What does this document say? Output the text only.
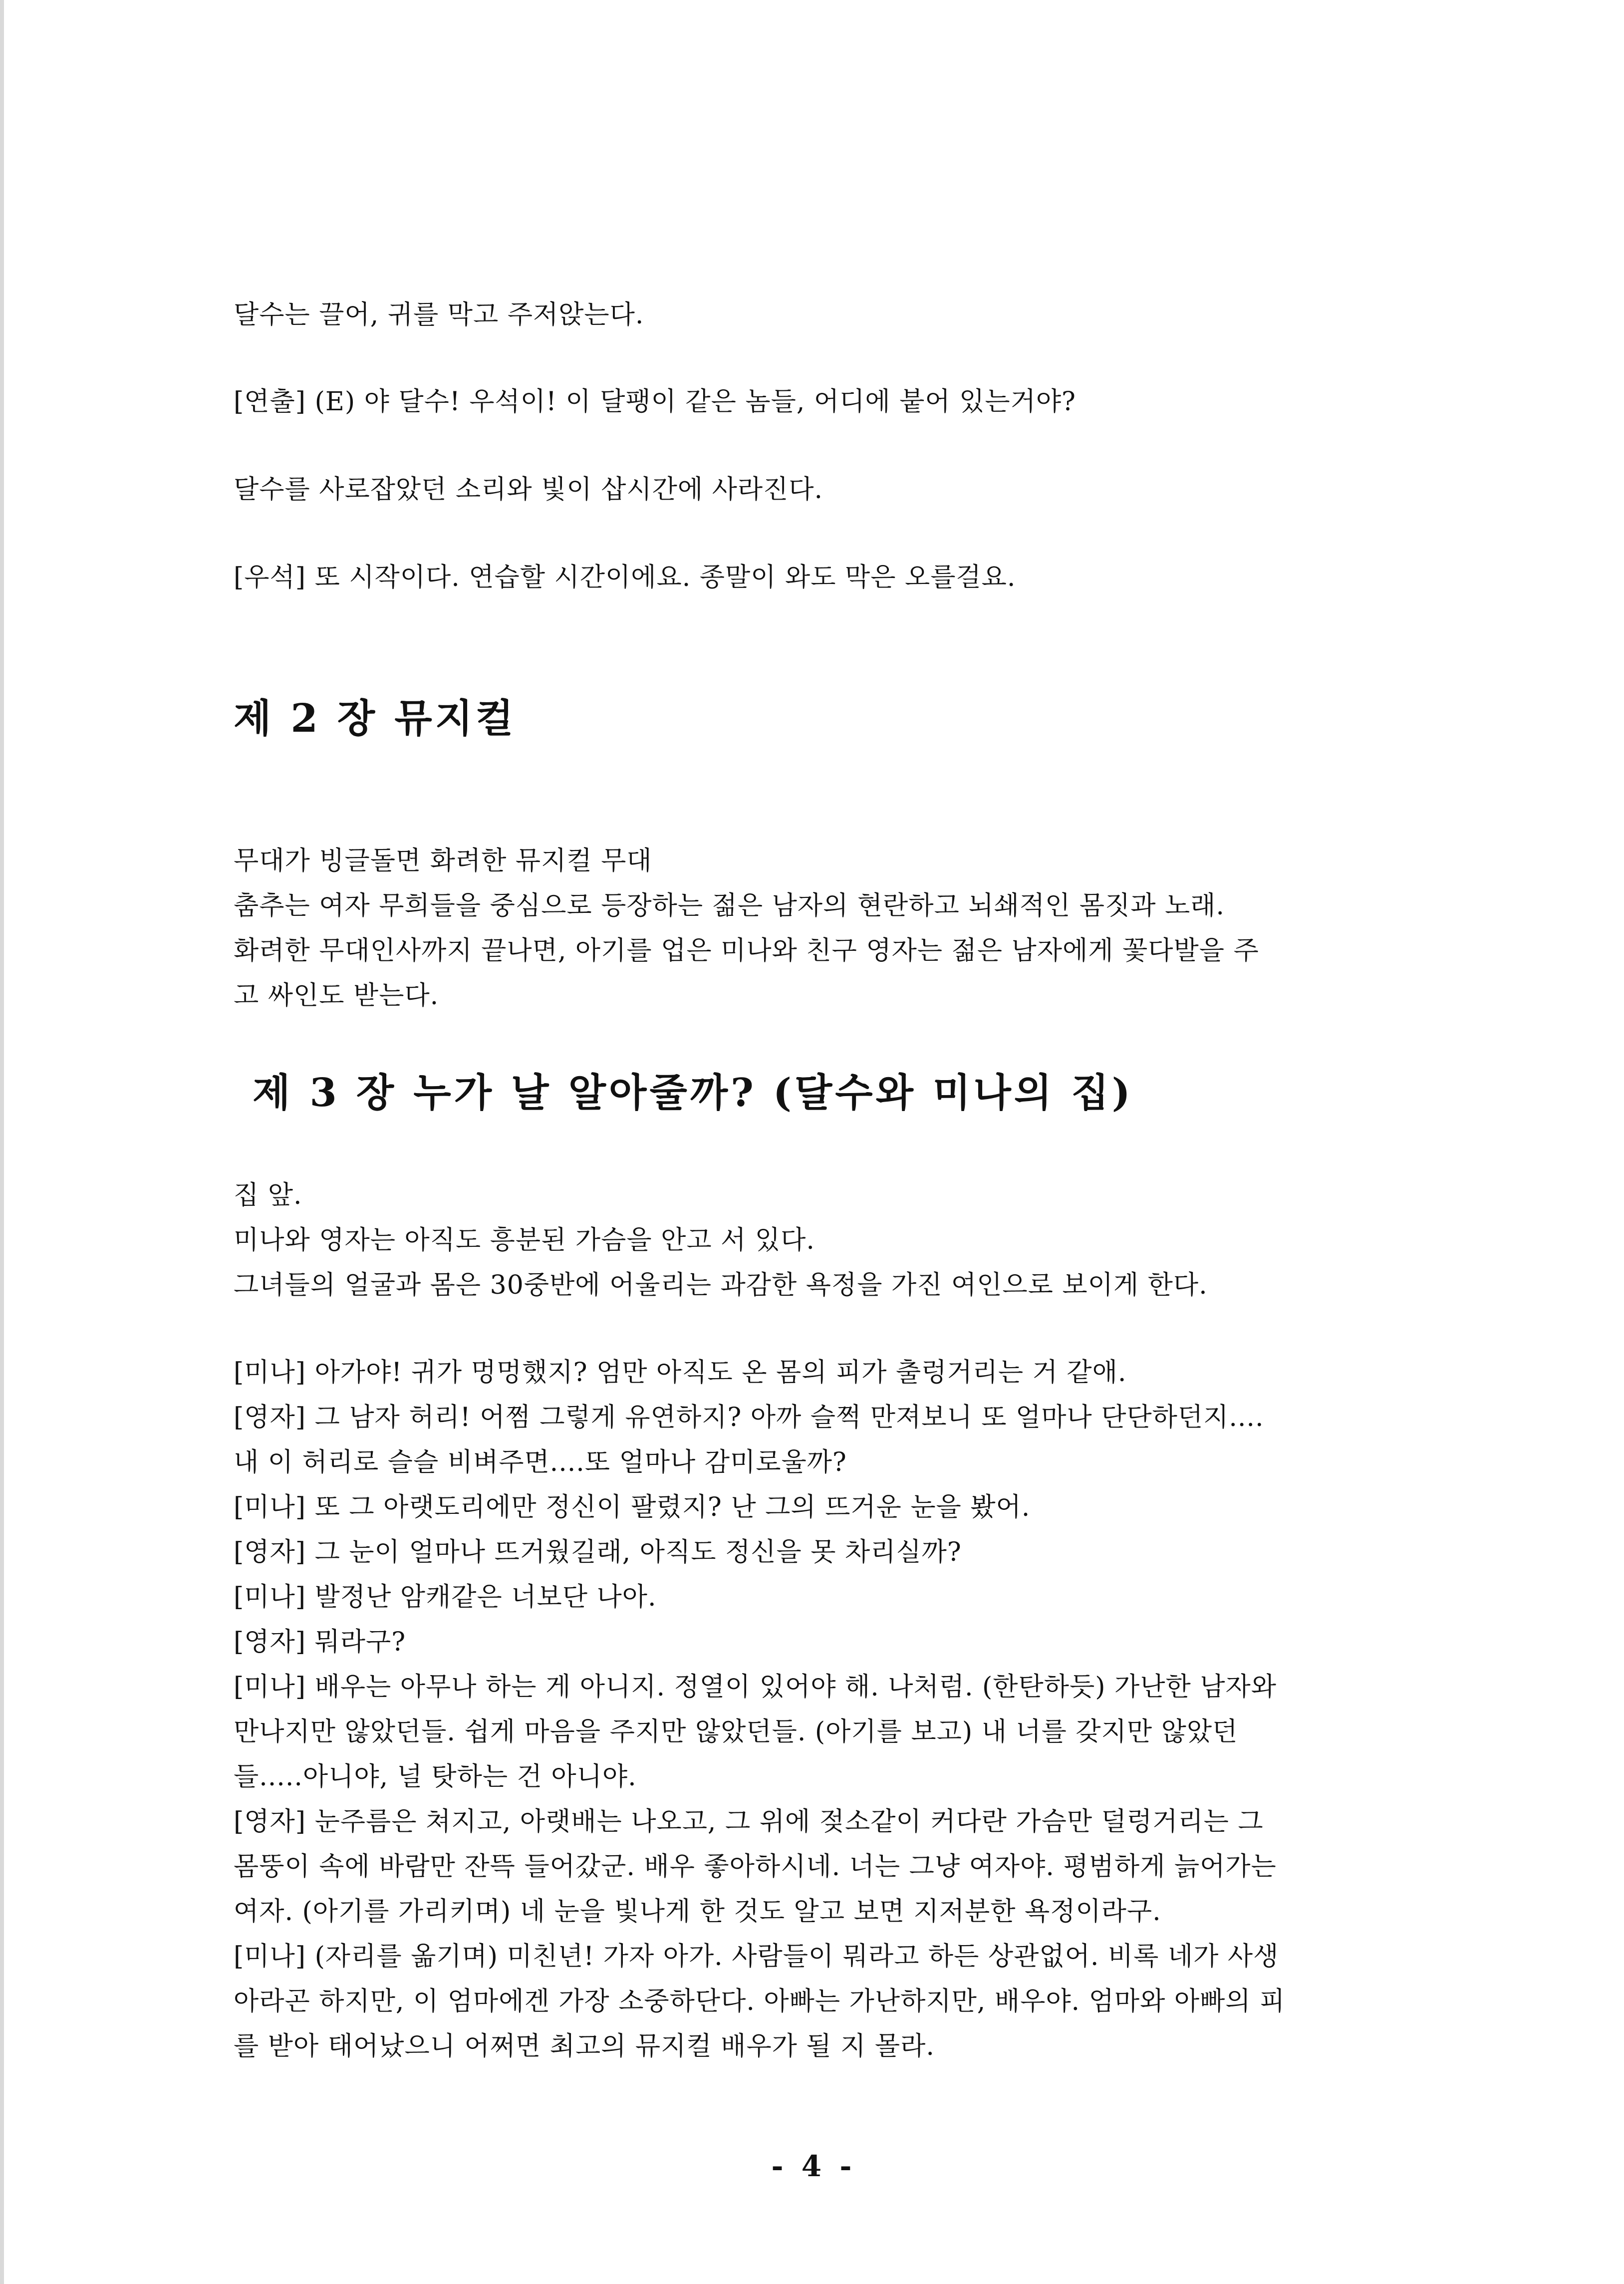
달수는 끌어, 귀를 막고 주저앉는다.
[연출] (E) 야 달수! 우석이! 이 달팽이 같은 놈들, 어디에 붙어 있는거야?
달수를 사로잡았던 소리와 빛이 삽시간에 사라진다.
[우석] 또 시작이다. 연습할 시간이에요. 종말이 와도 막은 오를걸요.
제 2 장 뮤지컬
무대가 빙글돌면 화려한 뮤지컬 무대
춤추는 여자 무희들을 중심으로 등장하는 젊은 남자의 현란하고 뇌쇄적인 몸짓과 노래.
화려한 무대인사까지 끝나면, 아기를 업은 미나와 친구 영자는 젊은 남자에게 꽃다발을 주
고 싸인도 받는다.
제 3 장 누가 날 알아줄까? (달수와 미나의 집)
집 앞.
미나와 영자는 아직도 흥분된 가슴을 안고 서 있다.
그녀들의 얼굴과 몸은 30중반에 어울리는 과감한 욕정을 가진 여인으로 보이게 한다.
[미나] 아가야! 귀가 멍멍했지? 엄만 아직도 온 몸의 피가 출렁거리는 거 같애.
[영자] 그 남자 허리! 어쩜 그렇게 유연하지? 아까 슬쩍 만져보니 또 얼마나 단단하던지....
내 이 허리로 슬슬 비벼주면....또 얼마나 감미로울까?
[미나] 또 그 아랫도리에만 정신이 팔렸지? 난 그의 뜨거운 눈을 봤어.
[영자] 그 눈이 얼마나 뜨거웠길래, 아직도 정신을 못 차리실까?
[미나] 발정난 암캐같은 너보단 나아.
[영자] 뭐라구?
[미나] 배우는 아무나 하는 게 아니지. 정열이 있어야 해. 나처럼. (한탄하듯) 가난한 남자와
만나지만 않았던들. 쉽게 마음을 주지만 않았던들. (아기를 보고) 내 너를 갖지만 않았던
들.....아니야, 널 탓하는 건 아니야.
[영자] 눈주름은 쳐지고, 아랫배는 나오고, 그 위에 젖소같이 커다란 가슴만 덜렁거리는 그
몸뚱이 속에 바람만 잔뜩 들어갔군. 배우 좋아하시네. 너는 그냥 여자야. 평범하게 늙어가는
여자. (아기를 가리키며) 네 눈을 빛나게 한 것도 알고 보면 지저분한 욕정이라구.
[미나] (자리를 옮기며) 미친년! 가자 아가. 사람들이 뭐라고 하든 상관없어. 비록 네가 사생
아라곤 하지만, 이 엄마에겐 가장 소중하단다. 아빠는 가난하지만, 배우야. 엄마와 아빠의 피
를 받아 태어났으니 어쩌면 최고의 뮤지컬 배우가 될 지 몰라.
- 4 -
